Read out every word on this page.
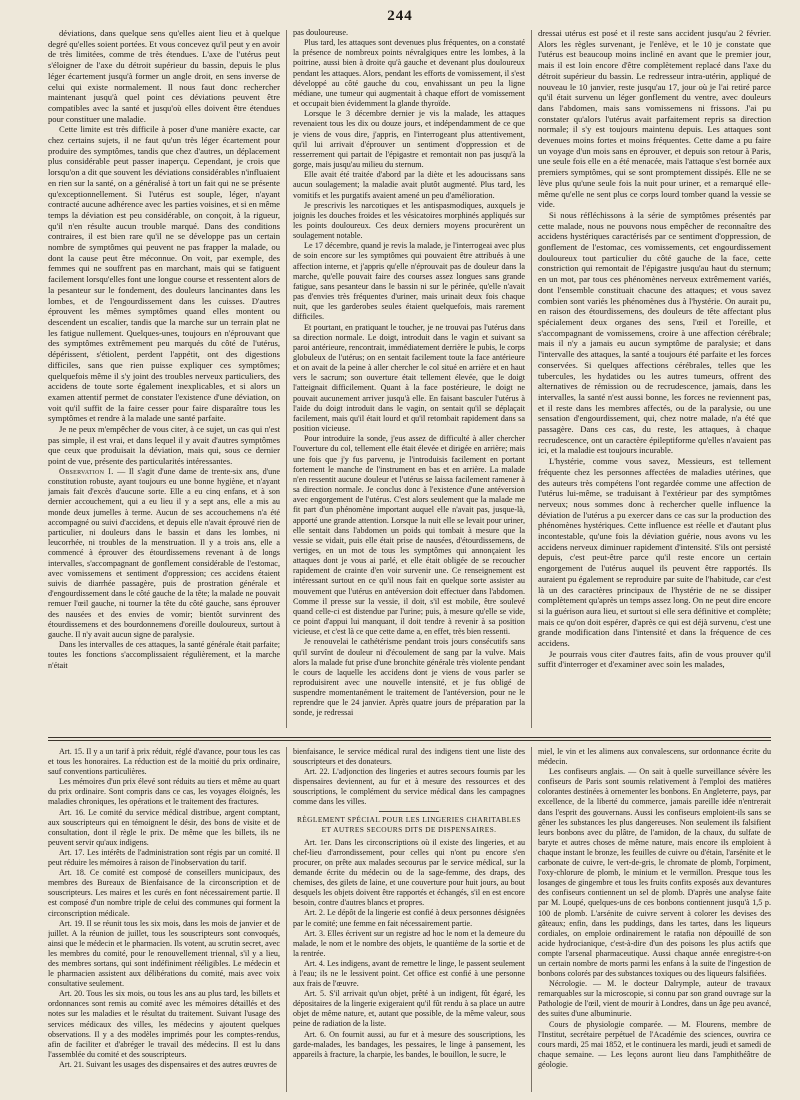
244

déviations, dans quelque sens qu'elles aient lieu et à quelque degré qu'elles soient portées. Et vous concevez qu'il peut y en avoir de très limitées, comme de très étendues. L'axe de l'utérus peut s'éloigner de l'axe du détroit supérieur du bassin, depuis le plus léger écartement jusqu'à former un angle droit, en sens inverse de celui qui existe normalement. Il nous faut donc rechercher maintenant jusqu'à quel point ces déviations peuvent être compatibles avec la santé et jusqu'où elles doivent être étendues pour constituer une maladie.

Cette limite est très difficile à poser d'une manière exacte, car chez certains sujets, il ne faut qu'un très léger écartement pour produire des symptômes, tandis que chez d'autres, un déplacement plus considérable peut passer inaperçu. Cependant, je crois que lorsqu'on a dit que souvent les déviations considérables n'influaient en rien sur la santé, on a généralisé à tort un fait qui ne se présente qu'exceptionnellement. Si l'utérus est souple, léger, n'ayant contracté aucune adhérence avec les parties voisines, et si en même temps la déviation est peu considérable, on conçoit, à la rigueur, qu'il n'en résulte aucun trouble marqué. Dans des conditions contraires, il est bien rare qu'il ne se développe pas un certain nombre de symptômes qui peuvent ne pas frapper la malade, ou dont la cause peut être méconnue. On voit, par exemple, des femmes qui ne souffrent pas en marchant, mais qui se fatiguent facilement lorsqu'elles font une longue course et ressentent alors de la pesanteur sur le fondement, des douleurs lancinantes dans les lombes, et de l'engourdissement dans les cuisses. D'autres éprouvent les mêmes symptômes quand elles montent ou descendent un escalier, tandis que la marche sur un terrain plat ne les fatigue nullement. Quelques-unes, toujours en n'éprouvant que des symptômes extrêmement peu marqués du côté de l'utérus, dépérissent, s'étiolent, perdent l'appétit, ont des digestions difficiles, sans que rien puisse expliquer ces symptômes; quelquefois même il s'y joint des troubles nerveux particuliers, des accidens de toute sorte également inexplicables, et si alors un examen attentif permet de constater l'existence d'une déviation, on voit qu'il suffit de la faire cesser pour faire disparaître tous les symptômes et rendre à la malade une santé parfaite.

Je ne peux m'empêcher de vous citer, à ce sujet, un cas qui n'est pas simple, il est vrai, et dans lequel il y avait d'autres symptômes que ceux que produisait la déviation, mais qui, sous ce dernier point de vue, présente des particularités intéressantes.

Observation I. — Il s'agit d'une dame de trente-six ans, d'une constitution robuste, ayant toujours eu une bonne hygiène, et n'ayant jamais fait d'excès d'aucune sorte. Elle a eu cinq enfans, et à son dernier accouchement, qui a eu lieu il y a sept ans, elle a mis au monde deux jumelles à terme. Aucun de ses accouchemens n'a été accompagné ou suivi d'accidens, et depuis elle n'avait éprouvé rien de particulier, ni douleurs dans le bassin et dans les lombes, ni leucorrhée, ni troubles de la menstruation. Il y a trois ans, elle a commencé à éprouver des étourdissemens revenant à de longs intervalles, s'accompagnant de gonflement considérable de l'estomac, avec vomissemens et sentiment d'oppression; ces accidens étaient suivis de diarrhée passagère, puis de prostration générale et d'engourdissement dans le côté gauche de la tête; la malade ne pouvait remuer l'œil gauche, ni tourner la tête du côté gauche, sans éprouver des nausées et des envies de vomir; bientôt survinrent des étourdissemens et des bourdonnemens d'oreille douloureux, surtout à gauche. Il n'y avait aucun signe de paralysie.

Dans les intervalles de ces attaques, la santé générale était parfaite; toutes les fonctions s'accomplissaient régulièrement, et la marche n'était

pas douloureuse.

Plus tard, les attaques sont devenues plus fréquentes, on a constaté la présence de nombreux points névralgiques entre les lombes, à la poitrine, aussi bien à droite qu'à gauche et devenant plus douloureux pendant les attaques. Alors, pendant les efforts de vomissement, il s'est développé au côté gauche du cou, envahissant un peu la ligne médiane, une tumeur qui augmentait à chaque effort de vomissement et occupait bien évidemment la glande thyroïde.

Lorsque le 3 décembre dernier je vis la malade, les attaques revenaient tous les dix ou douze jours, et indépendamment de ce que je viens de vous dire, j'appris, en l'interrogeant plus attentivement, qu'il lui arrivait d'éprouver un sentiment d'oppression et de resserrement qui partait de l'épigastre et remontait non pas jusqu'à la gorge, mais jusqu'au milieu du sternum.

Elle avait été traitée d'abord par la diète et les adoucissans sans aucun soulagement; la maladie avait plutôt augmenté. Plus tard, les vomitifs et les purgatifs avaient amené un peu d'amélioration.

Je prescrivis les narcotiques et les antispasmodiques, auxquels je joignis les douches froides et les vésicatoires morphinés appliqués sur les points douloureux. Ces deux derniers moyens procurèrent un soulagement notable.

Le 17 décembre, quand je revis la malade, je l'interrogeai avec plus de soin encore sur les symptômes qui pouvaient être attribués à une affection interne, et j'appris qu'elle n'éprouvait pas de douleur dans la marche, qu'elle pouvait faire des courses assez longues sans grande fatigue, sans pesanteur dans le bassin ni sur le périnée, qu'elle n'avait pas d'envies très fréquentes d'uriner, mais urinait deux fois chaque nuit, que les garderobes seules étaient quelquefois, mais rarement difficiles.

Et pourtant, en pratiquant le toucher, je ne trouvai pas l'utérus dans sa direction normale. Le doigt, introduit dans le vagin et suivant sa paroi antérieure, rencontrait, immédiatement derrière le pubis, le corps globuleux de l'utérus; on en sentait facilement toute la face antérieure et on avait de la peine à aller chercher le col situé en arrière et en haut vers le sacrum; son ouverture était tellement élevée, que le doigt l'atteignait difficilement. Quant à la face postérieure, le doigt ne pouvait aucunement arriver jusqu'à elle. En faisant basculer l'utérus à l'aide du doigt introduit dans le vagin, on sentait qu'il se déplaçait facilement, mais qu'il était lourd et qu'il retombait rapidement dans sa position vicieuse.

Pour introduire la sonde, j'eus assez de difficulté à aller chercher l'ouverture du col, tellement elle était élevée et dirigée en arrière; mais une fois que j'y fus parvenu, je l'introduisis facilement en portant fortement le manche de l'instrument en bas et en arrière. La malade n'en ressentit aucune douleur et l'utérus se laissa facilement ramener à sa direction normale. Je conclus donc à l'existence d'une antéversion avec engorgement de l'utérus. C'est alors seulement que la malade me fit part d'un phénomène important auquel elle n'avait pas, jusque-là, apporté une grande attention. Lorsque la nuit elle se levait pour uriner, elle sentait dans l'abdomen un poids qui tombait à mesure que la vessie se vidait, puis elle était prise de nausées, d'étourdissemens, de vertiges, en un mot de tous les symptômes qui annonçaient les attaques dont je vous ai parlé, et elle était obligée de se recoucher rapidement de crainte d'en voir survenir une. Ce renseignement est intéressant surtout en ce qu'il nous fait en quelque sorte assister au mouvement que l'utérus en antéversion doit effectuer dans l'abdomen. Comme il presse sur la vessie, il doit, s'il est mobile, être soulevé quand celle-ci est distendue par l'urine; puis, à mesure qu'elle se vide, ce point d'appui lui manquant, il doit tendre à revenir à sa position vicieuse, et c'est là ce que cette dame a, en effet, très bien ressenti.

Je renouvelai le cathétérisme pendant trois jours consécutifs sans qu'il survînt de douleur ni d'écoulement de sang par la vulve. Mais alors la malade fut prise d'une bronchite générale très violente pendant le cours de laquelle les accidens dont je viens de vous parler se reproduisirent avec une nouvelle intensité, et je fus obligé de suspendre momentanément le traitement de l'antéversion, pour ne le reprendre que le 24 janvier. Après quatre jours de préparation par la sonde, je redressai

dressai utérus est posé et il reste sans accident jusqu'au 2 février. Alors les règles survenant, je l'enlève, et le 10 je constate que l'utérus est beaucoup moins incliné en avant que le premier jour, mais il est loin encore d'être complètement replacé dans l'axe du détroit supérieur du bassin. Le redresseur intra-utérin, appliqué de nouveau le 10 janvier, reste jusqu'au 17, jour où je l'ai retiré parce qu'il était survenu un léger gonflement du ventre, avec douleurs dans l'abdomen, mais sans vomissemens ni frissons. J'ai pu constater qu'alors l'utérus avait parfaitement repris sa direction normale; il s'y est toujours maintenu depuis. Les attaques sont devenues moins fortes et moins fréquentes. Cette dame a pu faire un voyage d'un mois sans en éprouver, et depuis son retour à Paris, une seule fois elle en a été menacée, mais l'attaque s'est bornée aux premiers symptômes, qui se sont promptement dissipés. Elle ne se lève plus qu'une seule fois la nuit pour uriner, et a remarqué elle-même qu'elle ne sent plus ce corps lourd tomber quand la vessie se vide.

Si nous réfléchissons à la série de symptômes présentés par cette malade, nous ne pouvons nous empêcher de reconnaître des accidens hystériques caractérisés par ce sentiment d'oppression, de gonflement de l'estomac, ces vomissements, cet engourdissement douloureux tout particulier du côté gauche de la face, cette constriction qui remontait de l'épigastre jusqu'au haut du sternum; en un mot, par tous ces phénomènes nerveux extrêmement variés, dont l'ensemble constituait chacune des attaques; et vous savez combien sont variés les phénomènes dus à l'hystérie. On aurait pu, en raison des étourdissemens, des douleurs de tête affectant plus spécialement deux organes des sens, l'œil et l'oreille, et s'accompagnant de vomissemens, croire à une affection cérébrale; mais il n'y a jamais eu aucun symptôme de paralysie; et dans l'intervalle des attaques, la santé a toujours été parfaite et les forces conservées. Si quelques affections cérébrales, telles que les tubercules, les hydatides ou les autres tumeurs, offrent des alternatives de rémission ou de recrudescence, jamais, dans les intervalles, la santé n'est aussi bonne, les forces ne reviennent pas, et il reste dans les membres affectés, ou de la paralysie, ou une sensation d'engourdissement, qui, chez notre malade, n'a été que passagère. Dans ces cas, du reste, les attaques, à chaque recrudescence, ont un caractère épileptiforme qu'elles n'avaient pas ici, et la maladie est toujours incurable.

L'hystérie, comme vous savez, Messieurs, est tellement fréquente chez les personnes affectées de maladies utérines, que des auteurs très compétens l'ont regardée comme une affection de l'utérus lui-même, se traduisant à l'extérieur par des symptômes nerveux; nous sommes donc à rechercher quelle influence la déviation de l'utérus a pu exercer dans ce cas sur la production des phénomènes hystériques. Cette influence est réelle et d'autant plus incontestable, qu'une fois la déviation guérie, nous avons vu les accidens nerveux diminuer rapidement d'intensité. S'ils ont persisté depuis, c'est peut-être parce qu'il reste encore un certain engorgement de l'utérus auquel ils peuvent être rapportés. Ils auraient pu également se reproduire par suite de l'habitude, car c'est là un des caractères principaux de l'hystérie de ne se dissiper complètement qu'après un temps assez long. On ne peut dire encore si la guérison aura lieu, et surtout si elle sera définitive et complète; mais ce qu'on doit espérer, d'après ce qui est déjà survenu, c'est une grande modification dans l'intensité et dans la fréquence de ces accidens.

Je pourrais vous citer d'autres faits, afin de vous prouver qu'il suffit d'interroger et d'examiner avec soin les malades,

Art. 15. Il y a un tarif à prix réduit, réglé d'avance, pour tous les cas et tous les honoraires. La réduction est de la moitié du prix ordinaire, sauf conventions particulières.

Les mémoires d'un prix élevé sont réduits au tiers et même au quart du prix ordinaire. Sont compris dans ce cas, les voyages éloignés, les maladies chroniques, les opérations et le traitement des fractures.

Art. 16. Le comité du service médical distribue, argent comptant, aux souscripteurs qui en témoignent le désir, des bons de visite et de consultation, dont il règle le prix. De même que les billets, ils ne peuvent servir qu'aux indigens.

Art. 17. Les intérêts de l'administration sont régis par un comité. Il peut réduire les mémoires à raison de l'inobservation du tarif.

Art. 18. Ce comité est composé de conseillers municipaux, des membres des Bureaux de Bienfaisance de la circonscription et de souscripteurs. Les maires et les curés en font nécessairement partie. Il est composé d'un nombre triple de celui des communes qui forment la circonscription médicale.

Art. 19. Il se réunit tous les six mois, dans les mois de janvier et de juillet. A la réunion de juillet, tous les souscripteurs sont convoqués, ainsi que le médecin et le pharmacien. Ils votent, au scrutin secret, avec les membres du comité, pour le renouvellement triennal, s'il y a lieu, des membres sortans, qui sont indéfiniment rééligibles. Le médecin et le pharmacien assistent aux délibérations du comité, mais avec voix consultative seulement.

Art. 20. Tous les six mois, ou tous les ans au plus tard, les billets et ordonnances sont remis au comité avec les mémoires détaillés et des notes sur les maladies et le résultat du traitement. Suivant l'usage des services médicaux des villes, les médecins y ajoutent quelques observations. Il y a des modèles imprimés pour les comptes-rendus, afin de faciliter et d'abréger le travail des médecins. Il est lu dans l'assemblée du comité et des souscripteurs.

Art. 21. Suivant les usages des dispensaires et des autres œuvres de

bienfaisance, le service médical rural des indigens tient une liste des souscripteurs et des donateurs.

Art. 22. L'adjonction des lingeries et autres secours fournis par les dispensaires deviennent, au fur et à mesure des ressources et des souscriptions, le complément du service médical dans les campagnes comme dans les villes.

RÈGLEMENT SPÉCIAL POUR LES LINGERIES CHARITABLES ET AUTRES SECOURS DITS DE DISPENSAIRES.

Art. 1er. Dans les circonscriptions où il existe des lingeries, et au chef-lieu d'arrondissement, pour celles qui n'ont pu encore s'en procurer, on prête aux malades secourus par le service médical, sur la demande écrite du médecin ou de la sage-femme, des draps, des chemises, des gilets de laine, et une couverture pour huit jours, au bout desquels les objets doivent être rapportés et échangés, s'il en est encore besoin, contre d'autres blancs et propres.

Art. 2. Le dépôt de la lingerie est confié à deux personnes désignées par le comité; une femme en fait nécessairement partie.

Art. 3. Elles écrivent sur un registre ad hoc le nom et la demeure du malade, le nom et le nombre des objets, le quantième de la sortie et de la rentrée.

Art. 4. Les indigens, avant de remettre le linge, le passent seulement à l'eau; ils ne le lessivent point. Cet office est confié à une personne aux frais de l'œuvre.

Art. 5. S'il arrivait qu'un objet, prêté à un indigent, fût égaré, les dépositaires de la lingerie exigeraient qu'il fût rendu à sa place un autre objet de même nature, et, autant que possible, de la même valeur, sous peine de radiation de la liste.

Art. 6. On fournit aussi, au fur et à mesure des souscriptions, les garde-malades, les bandages, les pessaires, le linge à pansement, les appareils à fracture, la charpie, les bandes, le bouillon, le sucre, le

miel, le vin et les alimens aux convalescens, sur ordonnance écrite du médecin.

Les confiseurs anglais. — On sait à quelle surveillance sévère les confiseurs de Paris sont soumis relativement à l'emploi des matières colorantes destinées à ornementer les bonbons. En Angleterre, pays, par excellence, de la liberté du commerce, jamais pareille idée n'entrerait dans l'esprit des gouvernans. Aussi les confiseurs emploient-ils sans se gêner les substances les plus dangereuses. Non seulement ils falsifient leurs bonbons avec du plâtre, de l'amidon, de la chaux, du sulfate de baryte et autres choses de même nature, mais encore ils emploient à chaque instant le bronze, les feuilles de cuivre ou d'étain, l'arsénite et le carbonate de cuivre, le vert-de-gris, le chromate de plomb, l'orpiment, l'oxy-chlorure de plomb, le minium et le vermillon. Presque tous les losanges de gingembre et tous les fruits confits exposés aux devantures des confiseurs contiennent un sel de plomb. D'après une analyse faite par M. Loupé, quelques-uns de ces bonbons contiennent jusqu'à 1,5 p. 100 de plomb. L'arsénite de cuivre servent à colorer les devises des gâteaux; enfin, dans les puddings, dans les tartes, dans les liqueurs cordiales, on emploie ordinairement le ratafia non dépouillé de son acide hydrocianique, c'est-à-dire d'un des poisons les plus actifs que compte l'arsenal pharmaceutique. Aussi chaque année enregistre-t-on un certain nombre de morts parmi les enfans à la suite de l'ingestion de bonbons colorés par des substances toxiques ou des liqueurs falsifiées.

Nécrologie. — M. le docteur Dalrymple, auteur de travaux remarquables sur la microscopie, si connu par son grand ouvrage sur la Pathologie de l'œil, vient de mourir à Londres, dans un âge peu avancé, des suites d'une albuminurie.

Cours de physiologie comparée. — M. Flourens, membre de l'Institut, secrétaire perpétuel de l'Académie des sciences, ouvrira ce cours mardi, 25 mai 1852, et le continuera les mardi, jeudi et samedi de chaque semaine. — Les leçons auront lieu dans l'amphithéâtre de géologie.
